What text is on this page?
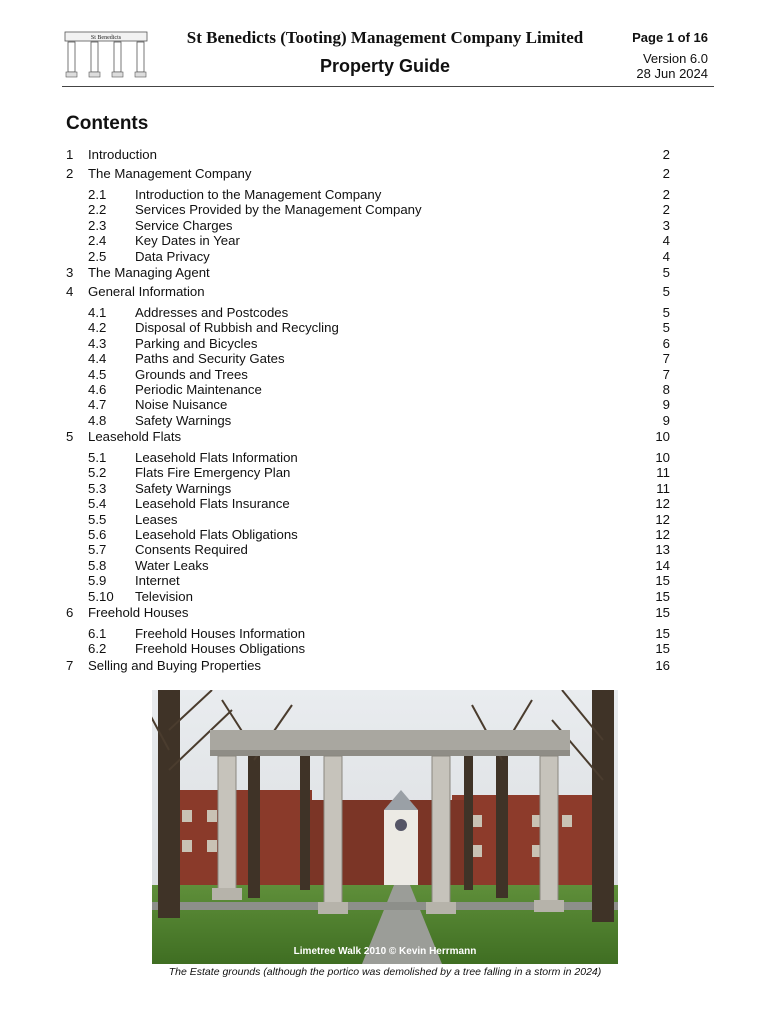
St Benedicts	St Benedicts (Tooting) Management Company Limited
Property Guide
Page 1 of 16
Version 6.0
28 Jun 2024
Contents
1 Introduction	2
2 The Management Company	2
2.1 Introduction to the Management Company	2
2.2 Services Provided by the Management Company	2
2.3 Service Charges	3
2.4 Key Dates in Year	4
2.5 Data Privacy	4
3 The Managing Agent	5
4 General Information	5
4.1 Addresses and Postcodes	5
4.2 Disposal of Rubbish and Recycling	5
4.3 Parking and Bicycles	6
4.4 Paths and Security Gates	7
4.5 Grounds and Trees	7
4.6 Periodic Maintenance	8
4.7 Noise Nuisance	9
4.8 Safety Warnings	9
5 Leasehold Flats	10
5.1 Leasehold Flats Information	10
5.2 Flats Fire Emergency Plan	11
5.3 Safety Warnings	11
5.4 Leasehold Flats Insurance	12
5.5 Leases	12
5.6 Leasehold Flats Obligations	12
5.7 Consents Required	13
5.8 Water Leaks	14
5.9 Internet	15
5.10 Television	15
6 Freehold Houses	15
6.1 Freehold Houses Information	15
6.2 Freehold Houses Obligations	15
7 Selling and Buying Properties	16
Limetree Walk 2010 © Kevin Herrmann
The Estate grounds (although the portico was demolished by a tree falling in a storm in 2024)
